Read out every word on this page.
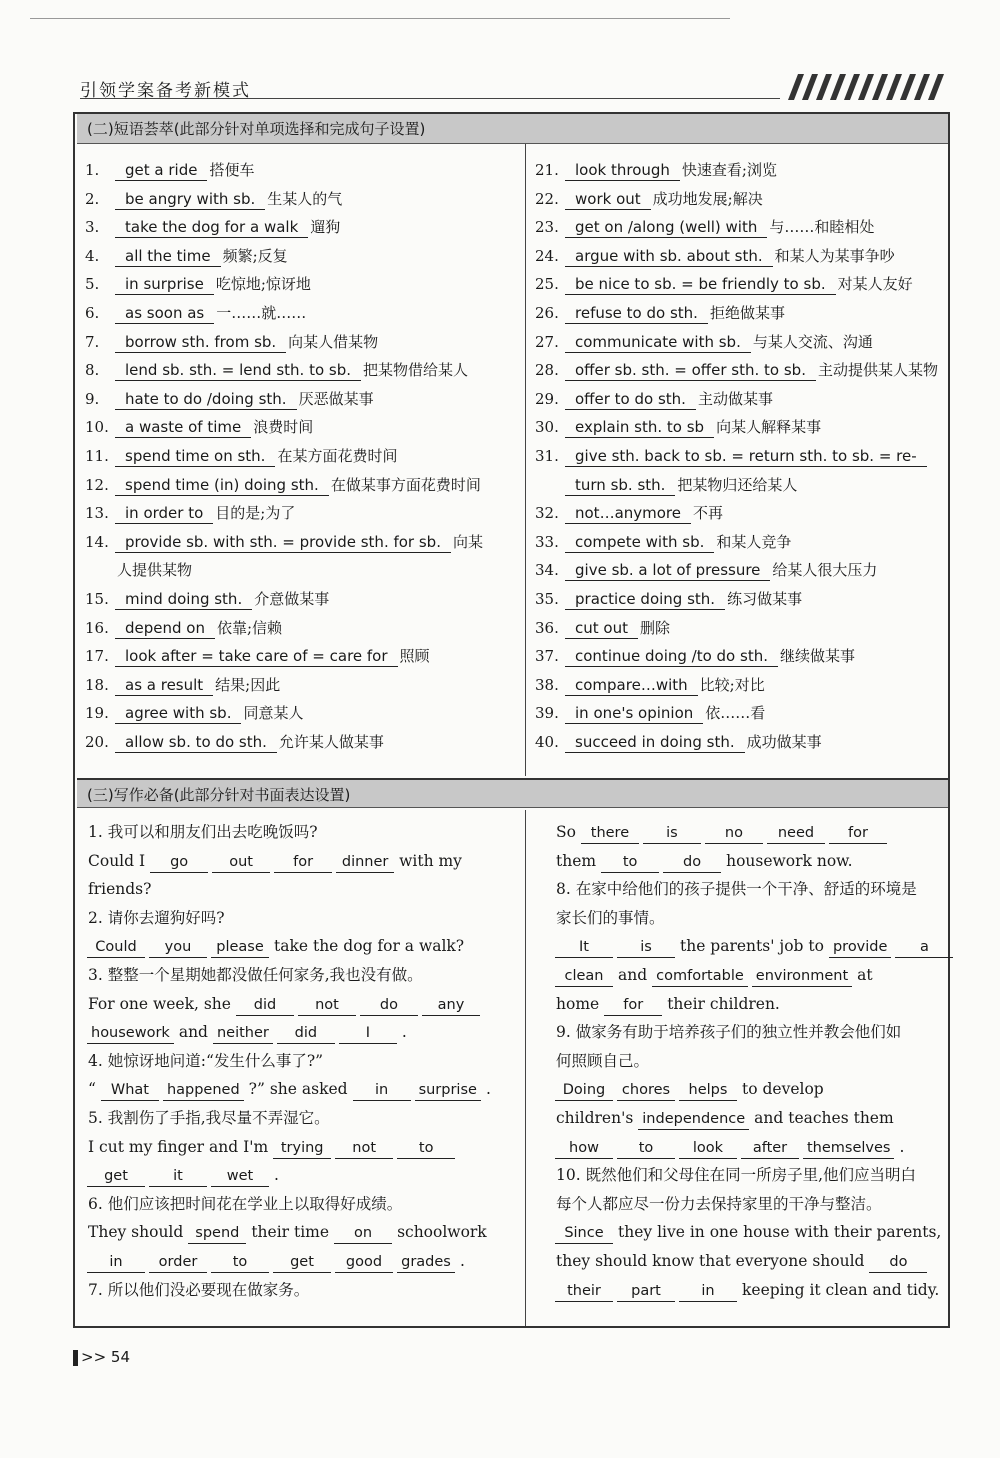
引领学案备考新模式
(二)短语荟萃(此部分针对单项选择和完成句子设置)
1. get a ride 搭便车
2. be angry with sb. 生某人的气
3. take the dog for a walk 遛狗
4. all the time 频繁;反复
5. in surprise 吃惊地;惊讶地
6. as soon as 一……就……
7. borrow sth. from sb. 向某人借某物
8. lend sb. sth. = lend sth. to sb. 把某物借给某人
9. hate to do /doing sth. 厌恶做某事
10. a waste of time 浪费时间
11. spend time on sth. 在某方面花费时间
12. spend time (in) doing sth. 在做某事方面花费时间
13. in order to 目的是;为了
14. provide sb. with sth. = provide sth. for sb. 向某
人提供某物
15. mind doing sth. 介意做某事
16. depend on 依靠;信赖
17. look after = take care of = care for 照顾
18. as a result 结果;因此
19. agree with sb. 同意某人
20. allow sb. to do sth. 允许某人做某事
21. look through 快速查看;浏览
22. work out 成功地发展;解决
23. get on /along (well) with 与……和睦相处
24. argue with sb. about sth. 和某人为某事争吵
25. be nice to sb. = be friendly to sb. 对某人友好
26. refuse to do sth. 拒绝做某事
27. communicate with sb. 与某人交流、沟通
28. offer sb. sth. = offer sth. to sb. 主动提供某人某物
29. offer to do sth. 主动做某事
30. explain sth. to sb 向某人解释某事
31. give sth. back to sb. = return sth. to sb. = re-
turn sb. sth. 把某物归还给某人
32. not…anymore 不再
33. compete with sb. 和某人竞争
34. give sb. a lot of pressure 给某人很大压力
35. practice doing sth. 练习做某事
36. cut out 删除
37. continue doing /to do sth. 继续做某事
38. compare…with 比较;对比
39. in one's opinion 依……看
40. succeed in doing sth. 成功做某事
(三)写作必备(此部分针对书面表达设置)
1. 我可以和朋友们出去吃晚饭吗?
Could I go	out	for dinner with my
friends?
2. 请你去遛狗好吗?
Could you please take the dog for a walk?
3. 整整一个星期她都没做任何家务,我也没有做。
For one week, she did	not	do	any
housework and neither did	I .
4. 她惊讶地问道:“发生什么事了?”
“ What happened ?” she asked in surprise .
5. 我割伤了手指,我尽量不弄湿它。
I cut my finger and I'm trying not	to
get	it	wet .
6. 他们应该把时间花在学业上以取得好成绩。
They should spend their time on schoolwork
in order to	get good grades .
7. 所以他们没必要现在做家务。
So there	is	no need for
them to	do housework now.
8. 在家中给他们的孩子提供一个干净、舒适的环境是
家长们的事情。
It	is the parents' job to provide a
clean and comfortable environment at
home for their children.
9. 做家务有助于培养孩子们的独立性并教会他们如
何照顾自己。
Doing chores helps to develop
children's independence and teaches them
how	to	look after themselves .
10. 既然他们和父母住在同一所房子里,他们应当明白
每个人都应尽一份力去保持家里的干净与整洁。
Since they live in one house with their parents,
they should know that everyone should do
their part	in keeping it clean and tidy.
>> 54
